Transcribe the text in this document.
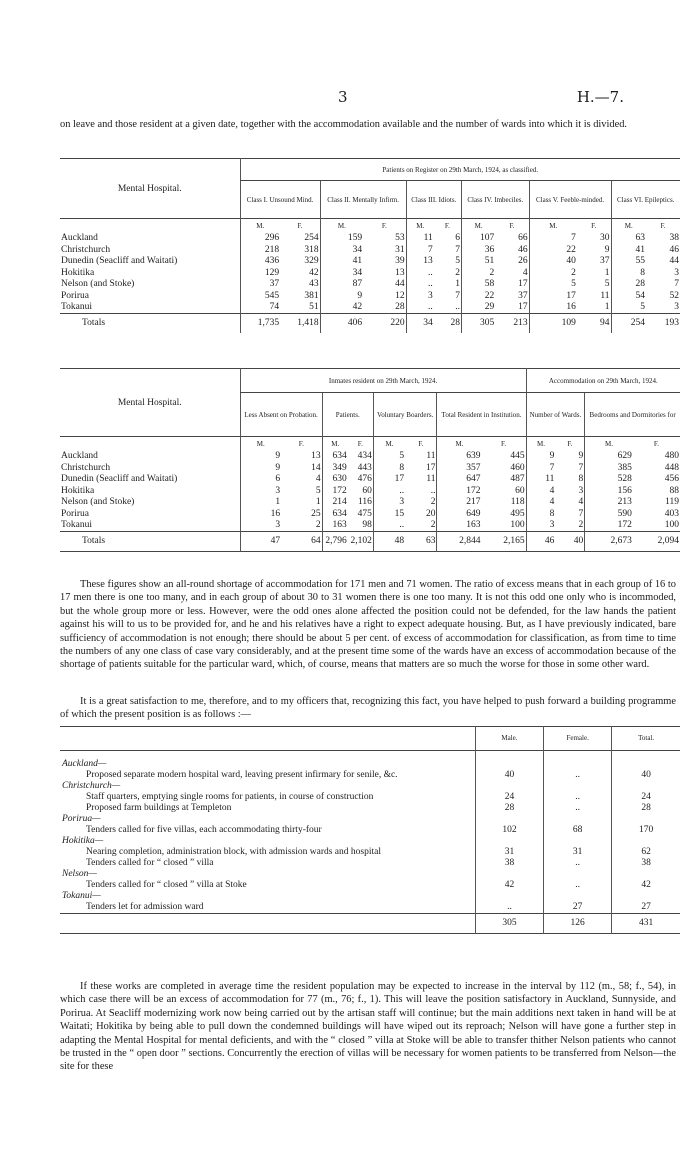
3	H.—7.

on leave and those resident at a given date, together with the accommodation available and the number of wards into which it is divided.

Mental Hospital.	Patients on Register on 29th March, 1924, as classified.											
	Class I. Unsound Mind.		Class II. Mentally Infirm.		Class III. Idiots.		Class IV. Imbeciles.		Class V. Feeble-minded.		Class VI. Epileptics.	
	M.	F.	M.	F.	M.	F.	M.	F.	M.	F.	M.	F.
Auckland	296	254	159	53	11	6	107	66	7	30	63	38
Christchurch	218	318	34	31	7	7	36	46	22	9	41	46
Dunedin (Seacliff and Waitati)	436	329	41	39	13	5	51	26	40	37	55	44
Hokitika	129	42	34	13	..	2	2	4	2	1	8	3
Nelson (and Stoke)	37	43	87	44	..	1	58	17	5	5	28	7
Porirua	545	381	9	12	3	7	22	37	17	11	54	52
Tokanui	74	51	42	28	..	..	29	17	16	1	5	3
Totals	1,735	1,418	406	220	34	28	305	213	109	94	254	193
Mental Hospital.	Inmates resident on 29th March, 1924.								Accommodation on 29th March, 1924.			
	Less Absent on Probation.		Patients.		Voluntary Boarders.		Total Resident in Institution.		Number of Wards.		Bedrooms and Dormitories for	
	M.	F.	M.	F.	M.	F.	M.	F.	M.	F.	M.	F.
Auckland	9	13	634	434	5	11	639	445	9	9	629	480
Christchurch	9	14	349	443	8	17	357	460	7	7	385	448
Dunedin (Seacliff and Waitati)	6	4	630	476	17	11	647	487	11	8	528	456
Hokitika	3	5	172	60	..	..	172	60	4	3	156	88
Nelson (and Stoke)	1	1	214	116	3	2	217	118	4	4	213	119
Porirua	16	25	634	475	15	20	649	495	8	7	590	403
Tokanui	3	2	163	98	..	2	163	100	3	2	172	100
Totals	47	64	2,796	2,102	48	63	2,844	2,165	46	40	2,673	2,094

These figures show an all-round shortage of accommodation for 171 men and 71 women. The ratio of excess means that in each group of 16 to 17 men there is one too many, and in each group of about 30 to 31 women there is one too many. It is not this odd one only who is incommoded, but the whole group more or less. However, were the odd ones alone affected the position could not be defended, for the law hands the patient against his will to us to be provided for, and he and his relatives have a right to expect adequate housing. But, as I have previously indicated, bare sufficiency of accommodation is not enough; there should be about 5 per cent. of excess of accommodation for classification, as from time to time the numbers of any one class of case vary considerably, and at the present time some of the wards have an excess of accommodation because of the shortage of patients suitable for the particular ward, which, of course, means that matters are so much the worse for those in some other ward.

It is a great satisfaction to me, therefore, and to my officers that, recognizing this fact, you have helped to push forward a building programme of which the present position is as follows :—

	Male.	Female.	Total.

Auckland—			
Proposed separate modern hospital ward, leaving present infirmary for senile, &c.	40	..	40
Christchurch—			
Staff quarters, emptying single rooms for patients, in course of construction	24	..	24
Proposed farm buildings at Templeton	28	..	28
Porirua—			
Tenders called for five villas, each accommodating thirty-four	102	68	170
Hokitika—			
Nearing completion, administration block, with admission wards and hospital	31	31	62
Tenders called for “ closed ” villa	38	..	38
Nelson—			
Tenders called for “ closed ” villa at Stoke	42	..	42
Tokanui—			
Tenders let for admission ward	..	27	27
	305	126	431

If these works are completed in average time the resident population may be expected to increase in the interval by 112 (m., 58; f., 54), in which case there will be an excess of accommodation for 77 (m., 76; f., 1). This will leave the position satisfactory in Auckland, Sunnyside, and Porirua. At Seacliff modernizing work now being carried out by the artisan staff will continue; but the main additions next taken in hand will be at Waitati; Hokitika by being able to pull down the condemned buildings will have wiped out its reproach; Nelson will have gone a further step in adapting the Mental Hospital for mental deficients, and with the “ closed ” villa at Stoke will be able to transfer thither Nelson patients who cannot be trusted in the “ open door ” sections. Concurrently the erection of villas will be necessary for women patients to be transferred from Nelson—the site for these
